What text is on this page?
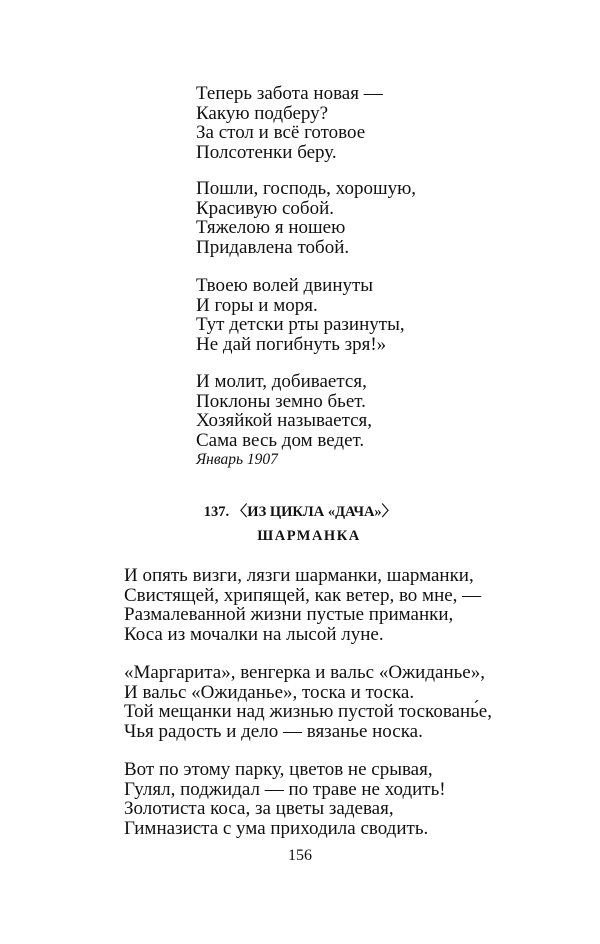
Теперь забота новая —
Какую подберу?
За стол и всё готовое
Полсотенки беру.

Пошли, господь, хорошую,
Красивую собой.
Тяжелою я ношею
Придавлена тобой.

Твоею волей двинуты
И горы и моря.
Тут детски рты разинуты,
Не дай погибнуть зря!»

И молит, добивается,
Поклоны земно бьет.
Хозяйкой называется,
Сама весь дом ведет.

Январь 1907
137. 〈ИЗ ЦИКЛА «ДАЧА»〉
ШАРМАНКА

И опять визги, лязги шарманки, шарманки,
Свистящей, хрипящей, как ветер, во мне, —
Размалеванной жизни пустые приманки,
Коса из мочалки на лысой луне.

«Маргарита», венгерка и вальс «Ожиданье»,
И вальс «Ожиданье», тоска и тоска.
Той мещанки над жизнью пустой тосковань́е,
Чья радость и дело — вязанье носка.

Вот по этому парку, цветов не срывая,
Гулял, поджидал — по траве не ходить!
Золотиста коса, за цветы задевая,
Гимназиста с ума приходила сводить.

156
